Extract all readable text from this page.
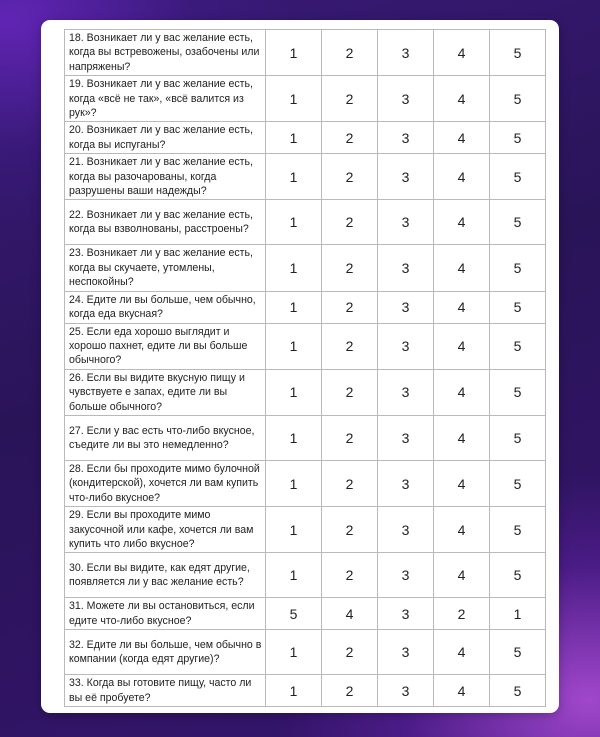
18. Возникает ли у вас желание есть, когда вы встревожены, озабочены или напряжены?	1	2	3	4	5
19. Возникает ли у вас желание есть, когда «всё не так», «всё валится из рук»?	1	2	3	4	5
20. Возникает ли у вас желание есть, когда вы испуганы?	1	2	3	4	5
21. Возникает ли у вас желание есть, когда вы разочарованы, когда разрушены ваши надежды?	1	2	3	4	5
22. Возникает ли у вас желание есть, когда вы взволнованы, расстроены?	1	2	3	4	5
23. Возникает ли у вас желание есть, когда вы скучаете, утомлены, неспокойны?	1	2	3	4	5
24. Едите ли вы больше, чем обычно, когда еда вкусная?	1	2	3	4	5
25. Если еда хорошо выглядит и хорошо пахнет, едите ли вы больше обычного?	1	2	3	4	5
26. Если вы видите вкусную пищу и чувствуете е запах, едите ли вы больше обычного?	1	2	3	4	5
27. Если у вас есть что-либо вкусное, съедите ли вы это немедленно?	1	2	3	4	5
28. Если бы проходите мимо булочной (кондитерской), хочется ли вам купить что-либо вкусное?	1	2	3	4	5
29. Если вы проходите мимо закусочной или кафе, хочется ли вам купить что либо вкусное?	1	2	3	4	5
30. Если вы видите, как едят другие, появляется ли у вас желание есть?	1	2	3	4	5
31. Можете ли вы остановиться, если едите что-либо вкусное?	5	4	3	2	1
32. Едите ли вы больше, чем обычно в компании (когда едят другие)?	1	2	3	4	5
33. Когда вы готовите пищу, часто ли вы её пробуете?	1	2	3	4	5
